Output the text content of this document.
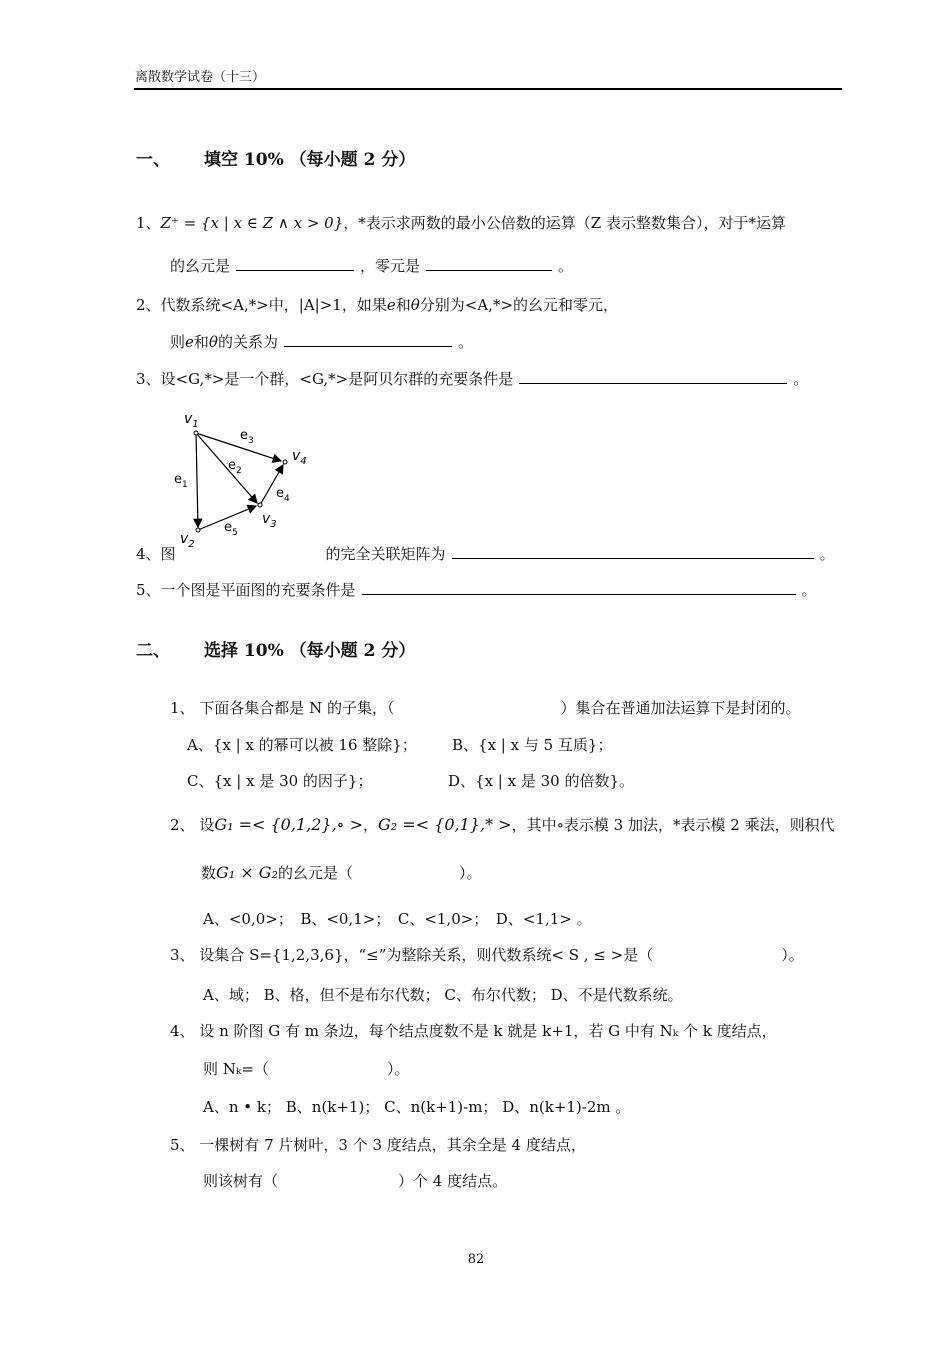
离散数学试卷（十三）
一、 填空 10% （每小题 2 分）
1、Z⁺ = {x | x ∈ Z ∧ x > 0}，*表示求两数的最小公倍数的运算（Z 表示整数集合），对于*运算
的幺元是	，零元是	。
2、代数系统<A,*>中，|A|>1，如果e和θ分别为<A,*>的幺元和零元，
则e和θ的关系为	。
3、设<G,*>是一个群，<G,*>是阿贝尔群的充要条件是	。
$v_1$
$v_2$
$v_3$
$v_4$
$e_1$
$e_2$
$e_3$
$e_4$
$e_5$
4、图	的完全关联矩阵为	。
5、一个图是平面图的充要条件是	。
二、 选择 10% （每小题 2 分）
1、 下面各集合都是 N 的子集，（	）集合在普通加法运算下是封闭的。
A、{x | x 的幂可以被 16 整除}； B、{x | x 与 5 互质}；
C、{x | x 是 30 的因子}；	D、{x | x 是 30 的倍数}。
2、 设G₁ =< {0,1,2},∘ >，G₂ =< {0,1},* >，其中∘表示模 3 加法，*表示模 2 乘法，则积代
数G₁ × G₂的幺元是（	）。
A、<0,0>；　B、<0,1>；　C、<1,0>；　D、<1,1> 。
3、 设集合 S={1,2,3,6}，“≤”为整除关系，则代数系统< S , ≤ >是（	）。
A、域； B、格，但不是布尔代数； C、布尔代数； D、不是代数系统。
4、 设 n 阶图 G 有 m 条边，每个结点度数不是 k 就是 k+1，若 G 中有 Nₖ 个 k 度结点，
则 Nₖ=（	）。
A、n • k； B、n(k+1)； C、n(k+1)-m； D、n(k+1)-2m 。
5、 一棵树有 7 片树叶，3 个 3 度结点，其余全是 4 度结点，
则该树有（	）个 4 度结点。
82
